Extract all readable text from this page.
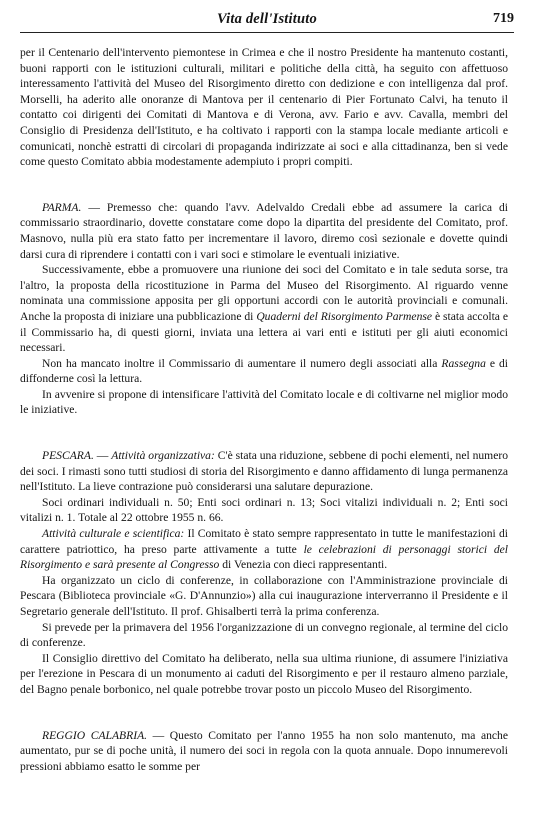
Vita dell'Istituto	719

per il Centenario dell'intervento piemontese in Crimea e che il nostro Presidente ha mantenuto costanti, buoni rapporti con le istituzioni culturali, militari e politiche della città, ha seguito con affettuoso interessamento l'attività del Museo del Risorgimento diretto con dedizione e con intelligenza dal prof. Morselli, ha aderito alle onoranze di Mantova per il centenario di Pier Fortunato Calvi, ha tenuto il contatto coi dirigenti dei Comitati di Mantova e di Verona, avv. Fario e avv. Cavalla, membri del Consiglio di Presidenza dell'Istituto, e ha coltivato i rapporti con la stampa locale mediante articoli e comunicati, nonchè estratti di circolari di propaganda indirizzate ai soci e alla cittadinanza, ben si vede come questo Comitato abbia modestamente adempiuto i propri compiti.

PARMA. — Premesso che: quando l'avv. Adelvaldo Credali ebbe ad assumere la carica di commissario straordinario, dovette constatare come dopo la dipartita del presidente del Comitato, prof. Masnovo, nulla più era stato fatto per incrementare il lavoro, diremo così sezionale e dovette quindi darsi cura di riprendere i contatti con i vari soci e stimolare le eventuali iniziative.

Successivamente, ebbe a promuovere una riunione dei soci del Comitato e in tale seduta sorse, tra l'altro, la proposta della ricostituzione in Parma del Museo del Risorgimento. Al riguardo venne nominata una commissione apposita per gli opportuni accordi con le autorità provinciali e comunali. Anche la proposta di iniziare una pubblicazione di Quaderni del Risorgimento Parmense è stata accolta e il Commissario ha, di questi giorni, inviata una lettera ai vari enti e istituti per gli aiuti economici necessari.

Non ha mancato inoltre il Commissario di aumentare il numero degli associati alla Rassegna e di diffonderne così la lettura.

In avvenire si propone di intensificare l'attività del Comitato locale e di coltivarne nel miglior modo le iniziative.

PESCARA. — Attività organizzativa: C'è stata una riduzione, sebbene di pochi elementi, nel numero dei soci. I rimasti sono tutti studiosi di storia del Risorgimento e danno affidamento di lunga permanenza nell'Istituto. La lieve contrazione può considerarsi una salutare depurazione.

Soci ordinari individuali n. 50; Enti soci ordinari n. 13; Soci vitalizi individuali n. 2; Enti soci vitalizi n. 1. Totale al 22 ottobre 1955 n. 66.

Attività culturale e scientifica: Il Comitato è stato sempre rappresentato in tutte le manifestazioni di carattere patriottico, ha preso parte attivamente a tutte le celebrazioni di personaggi storici del Risorgimento e sarà presente al Congresso di Venezia con dieci rappresentanti.

Ha organizzato un ciclo di conferenze, in collaborazione con l'Amministrazione provinciale di Pescara (Biblioteca provinciale «G. D'Annunzio») alla cui inaugurazione interverranno il Presidente e il Segretario generale dell'Istituto. Il prof. Ghisalberti terrà la prima conferenza.

Si prevede per la primavera del 1956 l'organizzazione di un convegno regionale, al termine del ciclo di conferenze.

Il Consiglio direttivo del Comitato ha deliberato, nella sua ultima riunione, di assumere l'iniziativa per l'erezione in Pescara di un monumento ai caduti del Risorgimento e per il restauro almeno parziale, del Bagno penale borbonico, nel quale potrebbe trovar posto un piccolo Museo del Risorgimento.

REGGIO CALABRIA. — Questo Comitato per l'anno 1955 ha non solo mantenuto, ma anche aumentato, pur se di poche unità, il numero dei soci in regola con la quota annuale. Dopo innumerevoli pressioni abbiamo esatto le somme per
